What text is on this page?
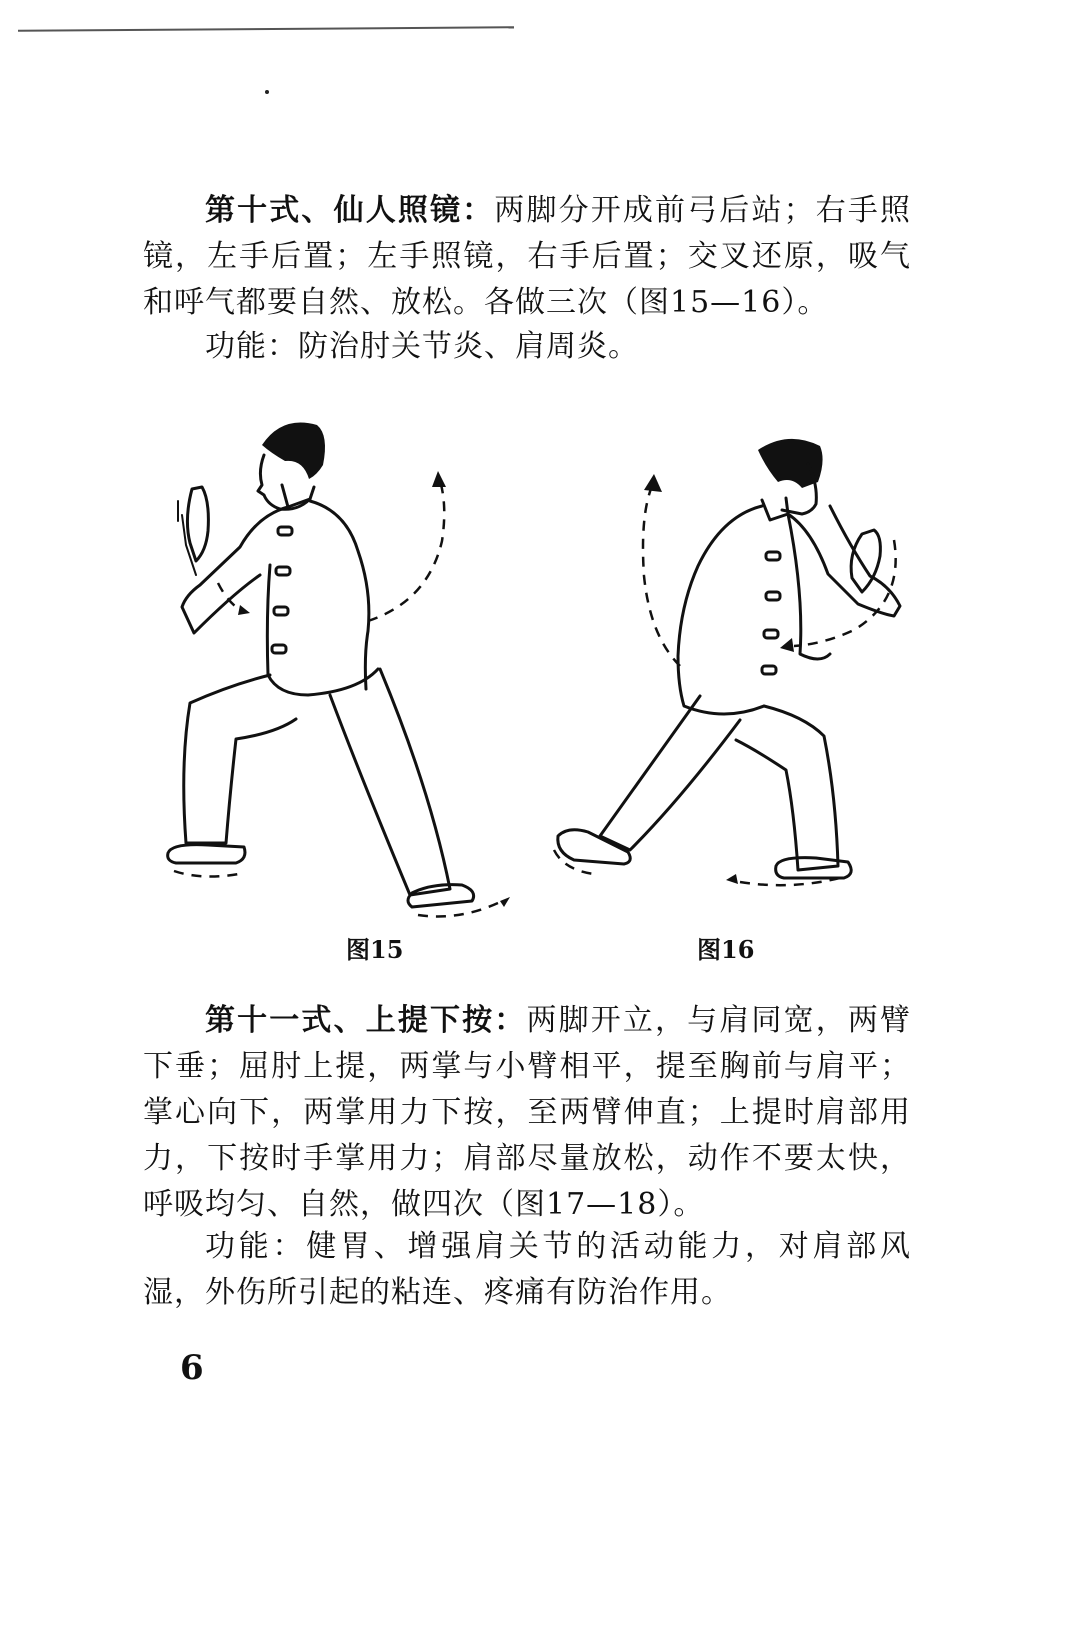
第十式、仙人照镜：两脚分开成前弓后站；右手照镜，左手后置；左手照镜，右手后置；交叉还原，吸气和呼气都要自然、放松。各做三次（图15—16）。

功能：防治肘关节炎、肩周炎。

图15	图16

第十一式、上提下按：两脚开立，与肩同宽，两臂下垂；屈肘上提，两掌与小臂相平，提至胸前与肩平；掌心向下，两掌用力下按，至两臂伸直；上提时肩部用力，下按时手掌用力；肩部尽量放松，动作不要太快，呼吸均匀、自然，做四次（图17—18）。

功能：健胃、增强肩关节的活动能力，对肩部风湿，外伤所引起的粘连、疼痛有防治作用。

6
